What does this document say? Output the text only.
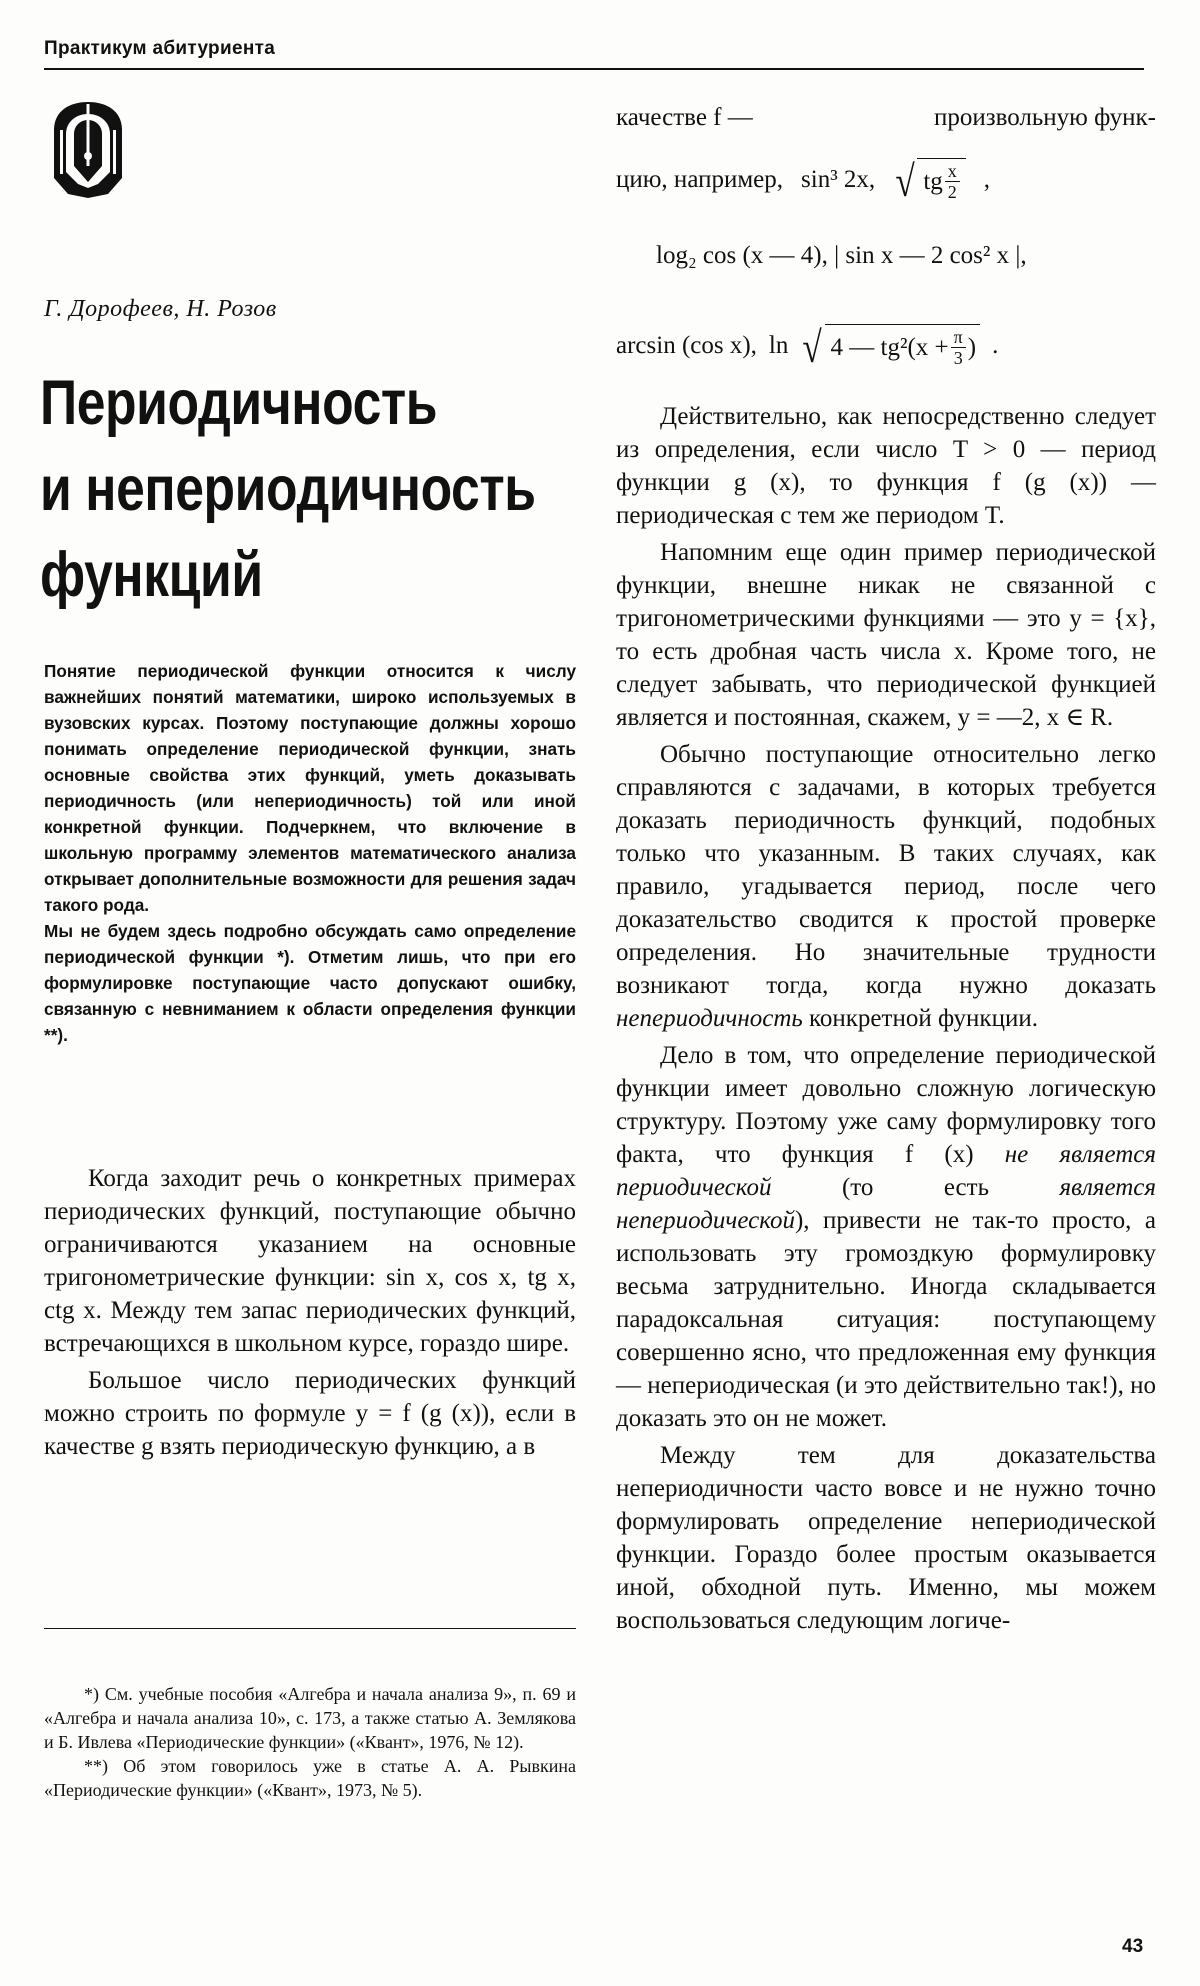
Практикум абитуриента
Г. Дорофеев, Н. Розов
Периодичность
и непериодичность
функций

Понятие периодической функции относится к числу важнейших понятий математики, широко используемых в вузовских курсах. Поэтому поступающие должны хорошо понимать определение периодической функции, знать основные свойства этих функций, уметь доказывать периодичность (или непериодичность) той или иной конкретной функции. Подчеркнем, что включение в школьную программу элементов математического анализа открывает дополнительные возможности для решения задач такого рода.

Мы не будем здесь подробно обсуждать само определение периодической функции *). Отметим лишь, что при его формулировке поступающие часто допускают ошибку, связанную с невниманием к области определения функции **).

Когда заходит речь о конкретных примерах периодических функций, поступающие обычно ограничиваются указанием на основные тригонометрические функции: sin x, cos x, tg x, ctg x. Между тем запас периодических функций, встречающихся в школьном курсе, гораздо шире.

Большое число периодических функций можно строить по формуле y = f (g (x)), если в качестве g взять периодическую функцию, а в

качестве f —	произвольную функ-
цию, например, sin³ 2x, √ tg $\frac{x}{2}$ ,
log₂ cos (x — 4), | sin x — 2 cos² x |,
arcsin (cos x), ln √ 4 — $tg^2(x + \frac{\pi}{3}$ ) .

Действительно, как непосредственно следует из определения, если число T > 0 — период функции g (x), то функция f (g (x)) — периодическая с тем же периодом T.

Напомним еще один пример периодической функции, внешне никак не связанной с тригонометрическими функциями — это y = {x}, то есть дробная часть числа x. Кроме того, не следует забывать, что периодической функцией является и постоянная, скажем, y = —2, x ∈ R.

Обычно поступающие относительно легко справляются с задачами, в которых требуется доказать периодичность функций, подобных только что указанным. В таких случаях, как правило, угадывается период, после чего доказательство сводится к простой проверке определения. Но значительные трудности возникают тогда, когда нужно доказать непериодичность конкретной функции.

Дело в том, что определение периодической функции имеет довольно сложную логическую структуру. Поэтому уже саму формулировку того факта, что функция f (x) не является периодической	(то есть	является непериодической), привести не так-то просто, а использовать эту громоздкую формулировку весьма затруднительно. Иногда складывается парадоксальная ситуация: поступающему совершенно ясно, что предложенная ему функция — непериодическая (и это действительно так!), но доказать это он не может.

Между тем для доказательства непериодичности часто вовсе и не нужно точно формулировать определение непериодической функции. Гораздо более простым оказывается иной, обходной путь. Именно, мы можем воспользоваться следующим логиче-

*) См. учебные пособия «Алгебра и начала анализа 9», п. 69 и «Алгебра и начала анализа 10», с. 173, а также статью А. Землякова и Б. Ивлева «Периодические функции» («Квант», 1976, № 12).

**) Об этом говорилось уже в статье А. А. Рывкина «Периодические функции» («Квант», 1973, № 5).

43
